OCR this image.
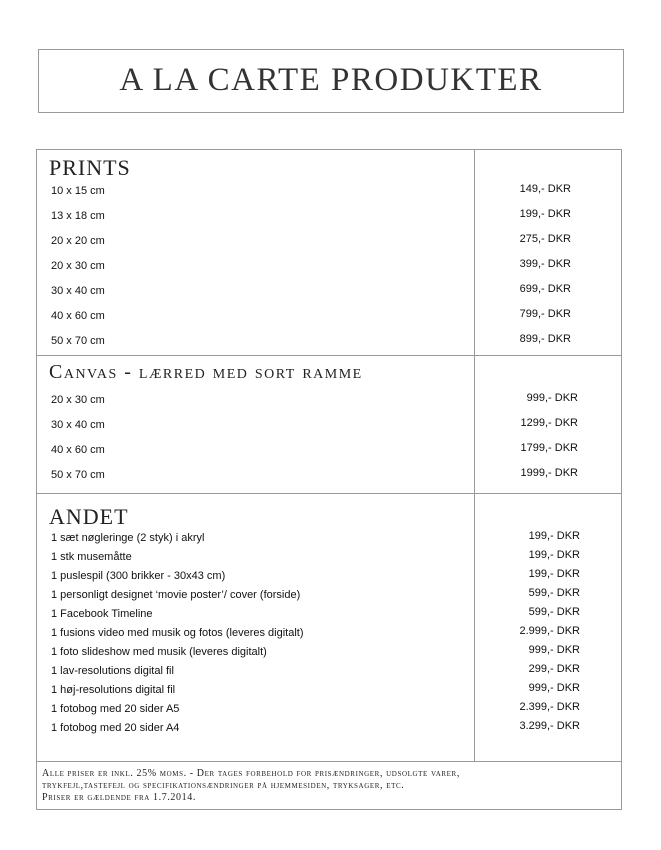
A LA CARTE PRODUKTER
PRINTS
Canvas - lærred med sort ramme
ANDET
10 x 15 cm	149,- DKR
13 x 18 cm	199,- DKR
20 x 20 cm	275,- DKR
20 x 30 cm	399,- DKR
30 x 40 cm	699,- DKR
40 x 60 cm	799,- DKR
50 x 70 cm	899,- DKR
20 x 30 cm	999,- DKR
30 x 40 cm	1299,- DKR
40 x 60 cm	1799,- DKR
50 x 70 cm	1999,- DKR
1 sæt nøgleringe (2 styk) i akryl	199,- DKR
1 stk musemåtte	199,- DKR
1 puslespil (300 brikker - 30x43 cm)	199,- DKR
1 personligt designet ‘movie poster’/ cover (forside)	599,- DKR
1 Facebook Timeline	599,- DKR
1 fusions video med musik og fotos (leveres digitalt)	2.999,- DKR
1 foto slideshow med musik (leveres digitalt)	999,- DKR
1 lav-resolutions digital fil	299,- DKR
1 høj-resolutions digital fil	999,- DKR
1 fotobog med 20 sider A5	2.399,- DKR
1 fotobog med 20 sider A4	3.299,- DKR
Alle priser er inkl. 25% moms. - Der tages forbehold for prisændringer, udsolgte varer,
trykfejl,tastefejl og specifikationsændringer på hjemmesiden, tryksager, etc.
Priser er gældende fra 1.7.2014.
